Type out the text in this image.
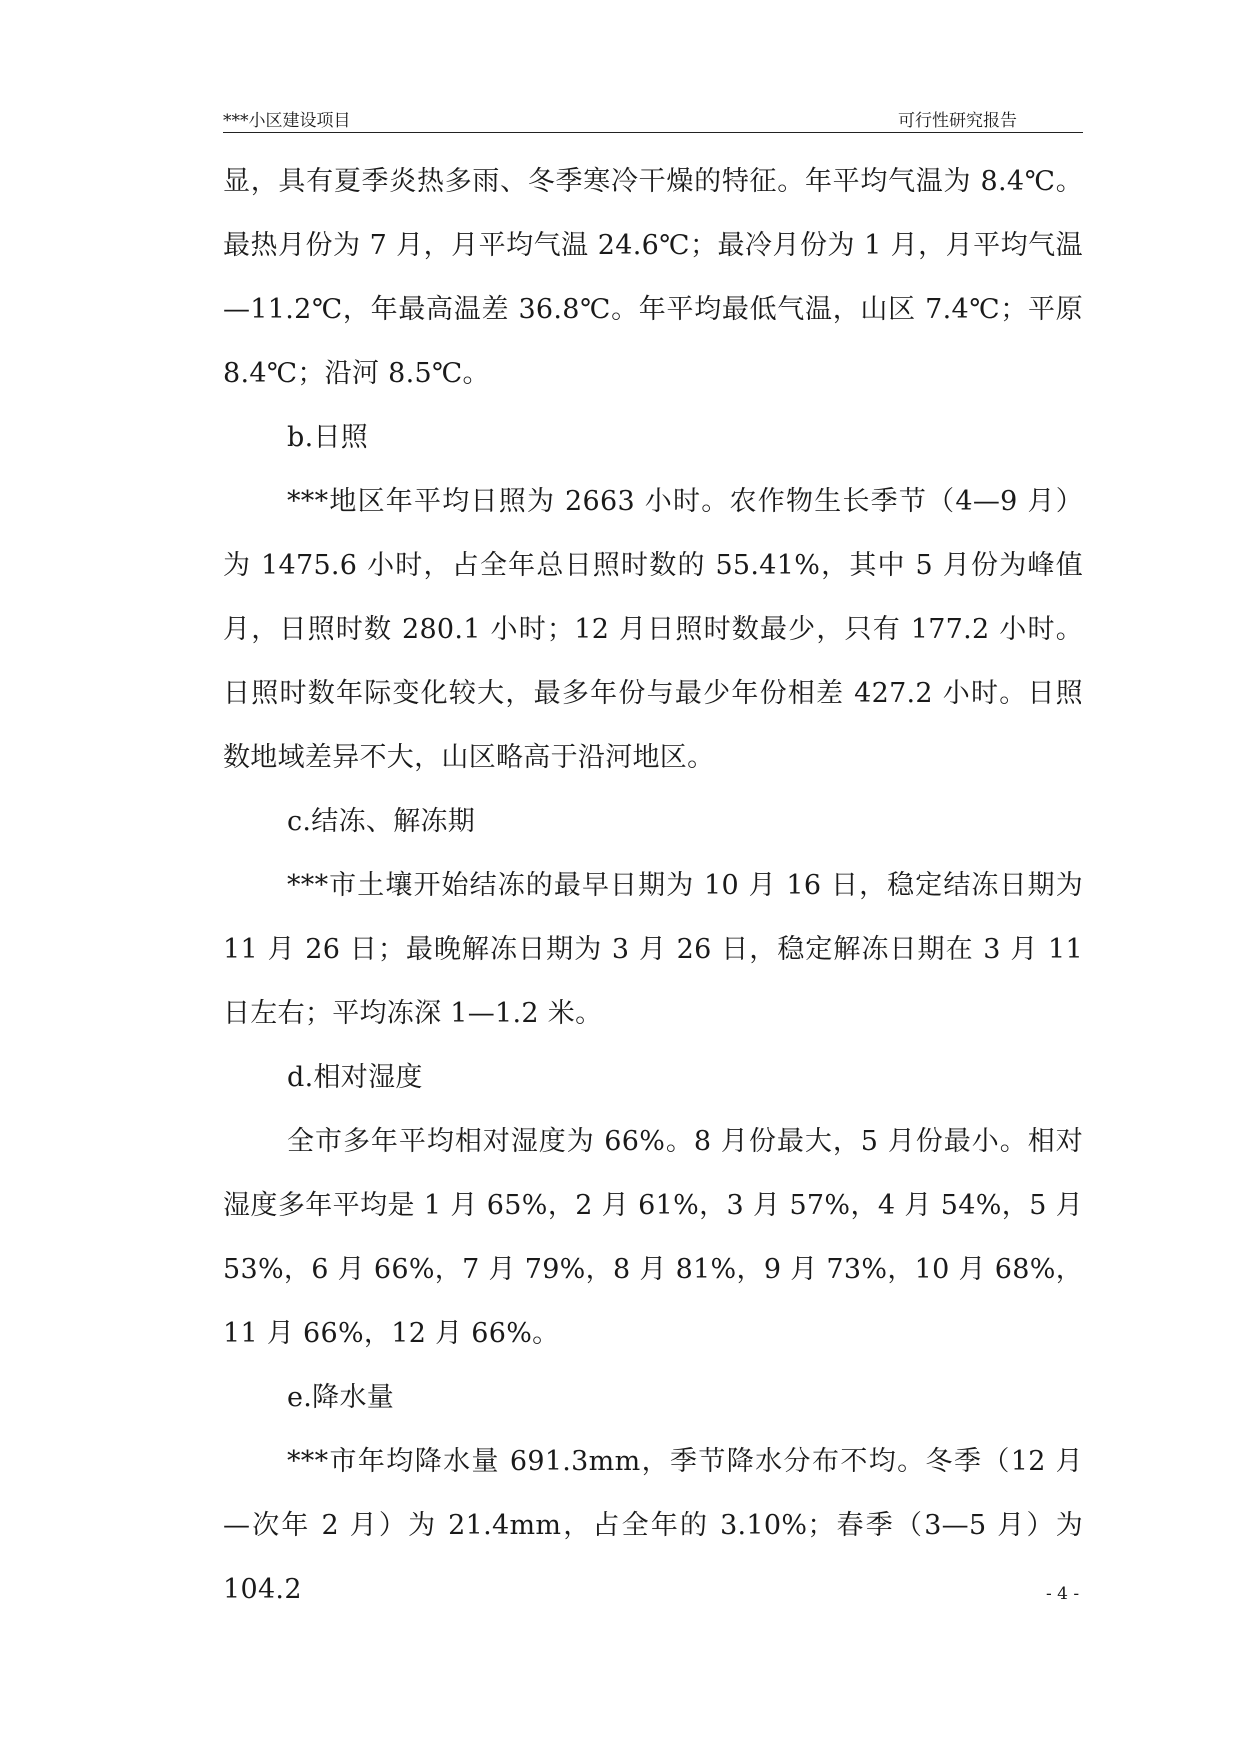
***小区建设项目	可行性研究报告

显，具有夏季炎热多雨、冬季寒冷干燥的特征。年平均气温为 8.4℃。最热月份为 7 月，月平均气温 24.6℃；最冷月份为 1 月，月平均气温—11.2℃，年最高温差 36.8℃。年平均最低气温，山区 7.4℃；平原 8.4℃；沿河 8.5℃。

b.日照

***地区年平均日照为 2663 小时。农作物生长季节（4—9 月）为 1475.6 小时，占全年总日照时数的 55.41%，其中 5 月份为峰值月，日照时数 280.1 小时；12 月日照时数最少，只有 177.2 小时。日照时数年际变化较大，最多年份与最少年份相差 427.2 小时。日照数地域差异不大，山区略高于沿河地区。

c.结冻、解冻期

***市土壤开始结冻的最早日期为 10 月 16 日，稳定结冻日期为 11 月 26 日；最晚解冻日期为 3 月 26 日，稳定解冻日期在 3 月 11 日左右；平均冻深 1—1.2 米。

d.相对湿度

全市多年平均相对湿度为 66%。8 月份最大，5 月份最小。相对湿度多年平均是 1 月 65%，2 月 61%，3 月 57%，4 月 54%，5 月 53%，6 月 66%，7 月 79%，8 月 81%，9 月 73%，10 月 68%，11 月 66%，12 月 66%。

e.降水量

***市年均降水量 691.3mm，季节降水分布不均。冬季（12 月—次年 2 月）为 21.4mm，占全年的 3.10%；春季（3—5 月）为 104.2	- 4 -
